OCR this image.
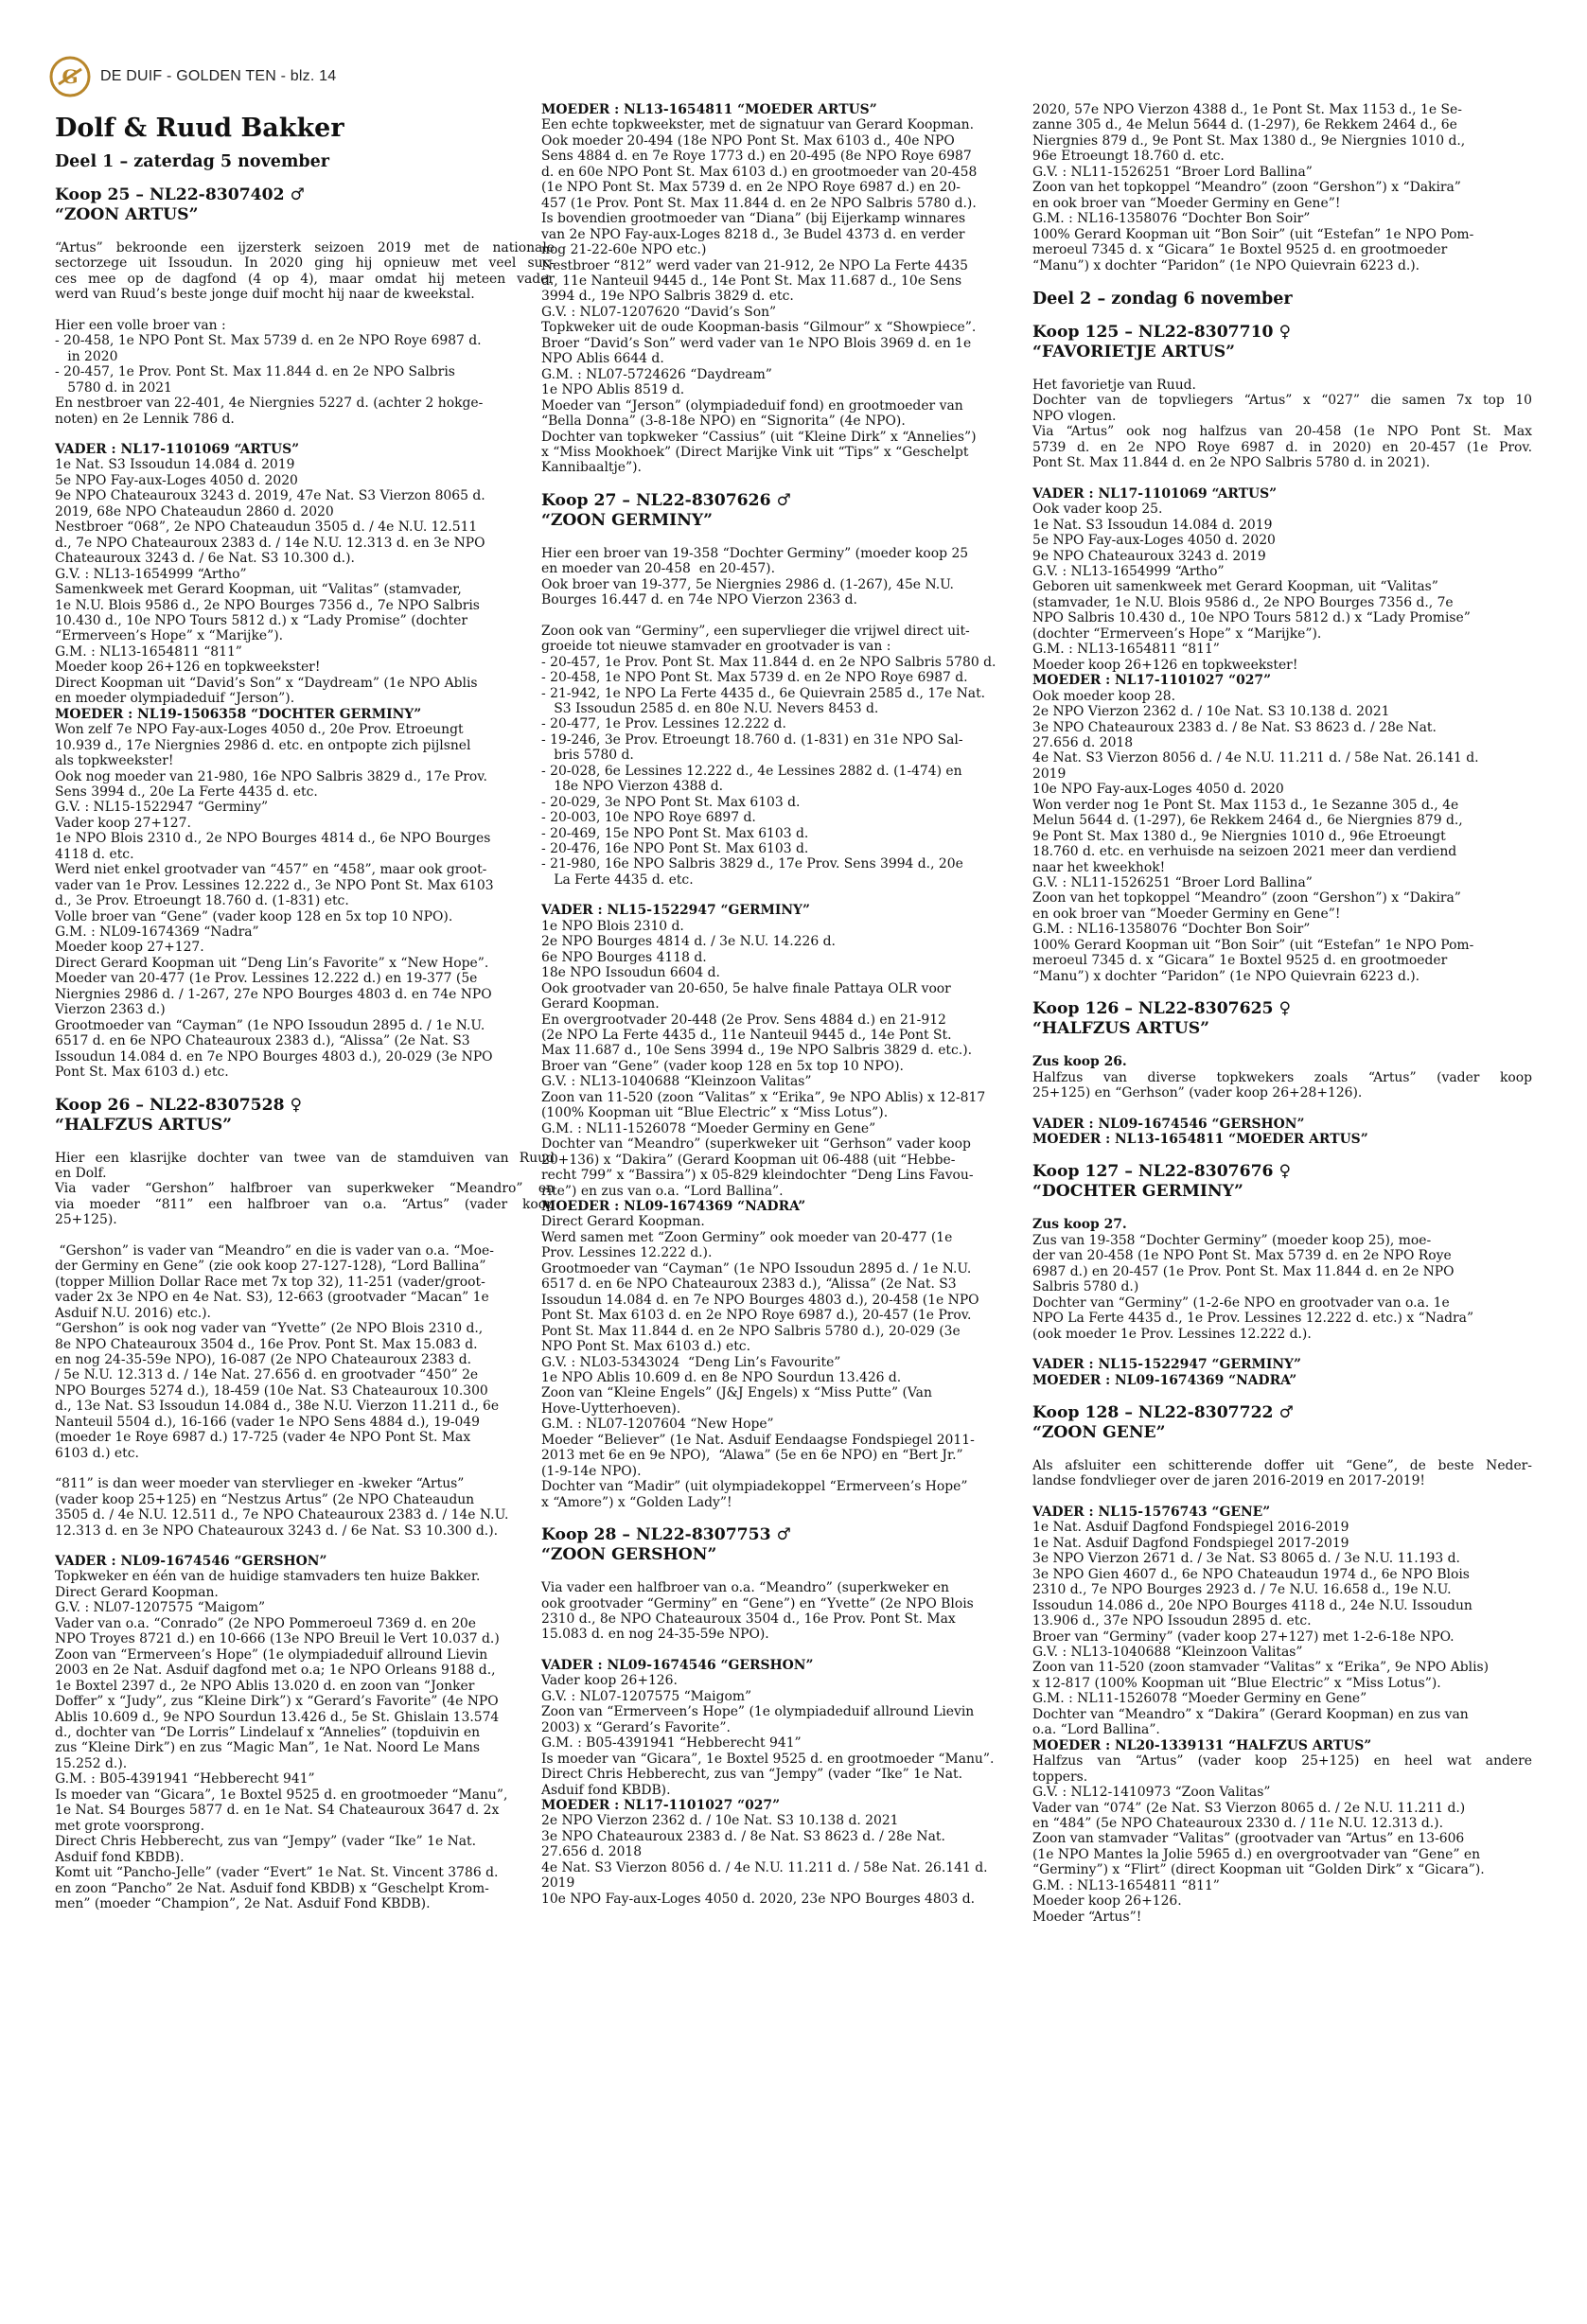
G DE DUIF - GOLDEN TEN - blz. 14
Dolf & Ruud Bakker
Deel 1 – zaterdag 5 november
Koop 25 – NL22-8307402 ♂
“ZOON ARTUS”
“Artus” bekroonde een ijzersterk seizoen 2019 met de nationale
sectorzege uit Issoudun. In 2020 ging hij opnieuw met veel suc-
ces mee op de dagfond (4 op 4), maar omdat hij meteen vader
werd van Ruud’s beste jonge duif mocht hij naar de kweekstal.
Hier een volle broer van :
- 20-458, 1e NPO Pont St. Max 5739 d. en 2e NPO Roye 6987 d.
in 2020
- 20-457, 1e Prov. Pont St. Max 11.844 d. en 2e NPO Salbris
5780 d. in 2021
En nestbroer van 22-401, 4e Niergnies 5227 d. (achter 2 hokge-
noten) en 2e Lennik 786 d.
VADER : NL17-1101069 “ARTUS”
1e Nat. S3 Issoudun 14.084 d. 2019
5e NPO Fay-aux-Loges 4050 d. 2020
9e NPO Chateauroux 3243 d. 2019, 47e Nat. S3 Vierzon 8065 d.
2019, 68e NPO Chateaudun 2860 d. 2020
Nestbroer “068”, 2e NPO Chateaudun 3505 d. / 4e N.U. 12.511
d., 7e NPO Chateauroux 2383 d. / 14e N.U. 12.313 d. en 3e NPO
Chateauroux 3243 d. / 6e Nat. S3 10.300 d.).
G.V. : NL13-1654999 “Artho”
Samenkweek met Gerard Koopman, uit “Valitas” (stamvader,
1e N.U. Blois 9586 d., 2e NPO Bourges 7356 d., 7e NPO Salbris
10.430 d., 10e NPO Tours 5812 d.) x “Lady Promise” (dochter
“Ermerveen’s Hope” x “Marijke”).
G.M. : NL13-1654811 “811”
Moeder koop 26+126 en topkweekster!
Direct Koopman uit “David’s Son” x “Daydream” (1e NPO Ablis
en moeder olympiadeduif “Jerson”).
MOEDER : NL19-1506358 “DOCHTER GERMINY”
Won zelf 7e NPO Fay-aux-Loges 4050 d., 20e Prov. Etroeungt
10.939 d., 17e Niergnies 2986 d. etc. en ontpopte zich pijlsnel
als topkweekster!
Ook nog moeder van 21-980, 16e NPO Salbris 3829 d., 17e Prov.
Sens 3994 d., 20e La Ferte 4435 d. etc.
G.V. : NL15-1522947 “Germiny”
Vader koop 27+127.
1e NPO Blois 2310 d., 2e NPO Bourges 4814 d., 6e NPO Bourges
4118 d. etc.
Werd niet enkel grootvader van “457” en “458”, maar ook groot-
vader van 1e Prov. Lessines 12.222 d., 3e NPO Pont St. Max 6103
d., 3e Prov. Etroeungt 18.760 d. (1-831) etc.
Volle broer van “Gene” (vader koop 128 en 5x top 10 NPO).
G.M. : NL09-1674369 “Nadra”
Moeder koop 27+127.
Direct Gerard Koopman uit “Deng Lin’s Favorite” x “New Hope”.
Moeder van 20-477 (1e Prov. Lessines 12.222 d.) en 19-377 (5e
Niergnies 2986 d. / 1-267, 27e NPO Bourges 4803 d. en 74e NPO
Vierzon 2363 d.)
Grootmoeder van “Cayman” (1e NPO Issoudun 2895 d. / 1e N.U.
6517 d. en 6e NPO Chateauroux 2383 d.), “Alissa” (2e Nat. S3
Issoudun 14.084 d. en 7e NPO Bourges 4803 d.), 20-029 (3e NPO
Pont St. Max 6103 d.) etc.
Koop 26 – NL22-8307528 ♀
“HALFZUS ARTUS”
Hier een klasrijke dochter van twee van de stamduiven van Ruud
en Dolf.
Via vader “Gershon” halfbroer van superkweker “Meandro” en
via moeder “811” een halfbroer van o.a. “Artus” (vader koop
25+125).
“Gershon” is vader van “Meandro” en die is vader van o.a. “Moe-
der Germiny en Gene” (zie ook koop 27-127-128), “Lord Ballina”
(topper Million Dollar Race met 7x top 32), 11-251 (vader/groot-
vader 2x 3e NPO en 4e Nat. S3), 12-663 (grootvader “Macan” 1e
Asduif N.U. 2016) etc.).
“Gershon” is ook nog vader van “Yvette” (2e NPO Blois 2310 d.,
8e NPO Chateauroux 3504 d., 16e Prov. Pont St. Max 15.083 d.
en nog 24-35-59e NPO), 16-087 (2e NPO Chateauroux 2383 d.
/ 5e N.U. 12.313 d. / 14e Nat. 27.656 d. en grootvader “450” 2e
NPO Bourges 5274 d.), 18-459 (10e Nat. S3 Chateauroux 10.300
d., 13e Nat. S3 Issoudun 14.084 d., 38e N.U. Vierzon 11.211 d., 6e
Nanteuil 5504 d.), 16-166 (vader 1e NPO Sens 4884 d.), 19-049
(moeder 1e Roye 6987 d.) 17-725 (vader 4e NPO Pont St. Max
6103 d.) etc.
“811” is dan weer moeder van stervlieger en -kweker “Artus”
(vader koop 25+125) en “Nestzus Artus” (2e NPO Chateaudun
3505 d. / 4e N.U. 12.511 d., 7e NPO Chateauroux 2383 d. / 14e N.U.
12.313 d. en 3e NPO Chateauroux 3243 d. / 6e Nat. S3 10.300 d.).
VADER : NL09-1674546 “GERSHON”
Topkweker en één van de huidige stamvaders ten huize Bakker.
Direct Gerard Koopman.
G.V. : NL07-1207575 “Maigom”
Vader van o.a. “Conrado” (2e NPO Pommeroeul 7369 d. en 20e
NPO Troyes 8721 d.) en 10-666 (13e NPO Breuil le Vert 10.037 d.)
Zoon van “Ermerveen’s Hope” (1e olympiadeduif allround Lievin
2003 en 2e Nat. Asduif dagfond met o.a; 1e NPO Orleans 9188 d.,
1e Boxtel 2397 d., 2e NPO Ablis 13.020 d. en zoon van “Jonker
Doffer” x “Judy”, zus “Kleine Dirk”) x “Gerard’s Favorite” (4e NPO
Ablis 10.609 d., 9e NPO Sourdun 13.426 d., 5e St. Ghislain 13.574
d., dochter van “De Lorris” Lindelauf x “Annelies” (topduivin en
zus “Kleine Dirk”) en zus “Magic Man”, 1e Nat. Noord Le Mans
15.252 d.).
G.M. : B05-4391941 “Hebberecht 941”
Is moeder van “Gicara”, 1e Boxtel 9525 d. en grootmoeder “Manu”,
1e Nat. S4 Bourges 5877 d. en 1e Nat. S4 Chateauroux 3647 d. 2x
met grote voorsprong.
Direct Chris Hebberecht, zus van “Jempy” (vader “Ike” 1e Nat.
Asduif fond KBDB).
Komt uit “Pancho-Jelle” (vader “Evert” 1e Nat. St. Vincent 3786 d.
en zoon “Pancho” 2e Nat. Asduif fond KBDB) x “Geschelpt Krom-
men” (moeder “Champion”, 2e Nat. Asduif Fond KBDB).
MOEDER : NL13-1654811 “MOEDER ARTUS”
Een echte topkweekster, met de signatuur van Gerard Koopman.
Ook moeder 20-494 (18e NPO Pont St. Max 6103 d., 40e NPO
Sens 4884 d. en 7e Roye 1773 d.) en 20-495 (8e NPO Roye 6987
d. en 60e NPO Pont St. Max 6103 d.) en grootmoeder van 20-458
(1e NPO Pont St. Max 5739 d. en 2e NPO Roye 6987 d.) en 20-
457 (1e Prov. Pont St. Max 11.844 d. en 2e NPO Salbris 5780 d.).
Is bovendien grootmoeder van “Diana” (bij Eijerkamp winnares
van 2e NPO Fay-aux-Loges 8218 d., 3e Budel 4373 d. en verder
nog 21-22-60e NPO etc.)
Nestbroer “812” werd vader van 21-912, 2e NPO La Ferte 4435
d., 11e Nanteuil 9445 d., 14e Pont St. Max 11.687 d., 10e Sens
3994 d., 19e NPO Salbris 3829 d. etc.
G.V. : NL07-1207620 “David’s Son”
Topkweker uit de oude Koopman-basis “Gilmour” x “Showpiece”.
Broer “David’s Son” werd vader van 1e NPO Blois 3969 d. en 1e
NPO Ablis 6644 d.
G.M. : NL07-5724626 “Daydream”
1e NPO Ablis 8519 d.
Moeder van “Jerson” (olympiadeduif fond) en grootmoeder van
“Bella Donna” (3-8-18e NPO) en “Signorita” (4e NPO).
Dochter van topkweker “Cassius” (uit “Kleine Dirk” x “Annelies”)
x “Miss Mookhoek” (Direct Marijke Vink uit “Tips” x “Geschelpt
Kannibaaltje”).
Koop 27 – NL22-8307626 ♂
“ZOON GERMINY”
Hier een broer van 19-358 “Dochter Germiny” (moeder koop 25
en moeder van 20-458  en 20-457).
Ook broer van 19-377, 5e Niergnies 2986 d. (1-267), 45e N.U.
Bourges 16.447 d. en 74e NPO Vierzon 2363 d.
Zoon ook van “Germiny”, een supervlieger die vrijwel direct uit-
groeide tot nieuwe stamvader en grootvader is van :
- 20-457, 1e Prov. Pont St. Max 11.844 d. en 2e NPO Salbris 5780 d.
- 20-458, 1e NPO Pont St. Max 5739 d. en 2e NPO Roye 6987 d.
- 21-942, 1e NPO La Ferte 4435 d., 6e Quievrain 2585 d., 17e Nat.
S3 Issoudun 2585 d. en 80e N.U. Nevers 8453 d.
- 20-477, 1e Prov. Lessines 12.222 d.
- 19-246, 3e Prov. Etroeungt 18.760 d. (1-831) en 31e NPO Sal-
bris 5780 d.
- 20-028, 6e Lessines 12.222 d., 4e Lessines 2882 d. (1-474) en
18e NPO Vierzon 4388 d.
- 20-029, 3e NPO Pont St. Max 6103 d.
- 20-003, 10e NPO Roye 6897 d.
- 20-469, 15e NPO Pont St. Max 6103 d.
- 20-476, 16e NPO Pont St. Max 6103 d.
- 21-980, 16e NPO Salbris 3829 d., 17e Prov. Sens 3994 d., 20e
La Ferte 4435 d. etc.
VADER : NL15-1522947 “GERMINY”
1e NPO Blois 2310 d.
2e NPO Bourges 4814 d. / 3e N.U. 14.226 d.
6e NPO Bourges 4118 d.
18e NPO Issoudun 6604 d.
Ook grootvader van 20-650, 5e halve finale Pattaya OLR voor
Gerard Koopman.
En overgrootvader 20-448 (2e Prov. Sens 4884 d.) en 21-912
(2e NPO La Ferte 4435 d., 11e Nanteuil 9445 d., 14e Pont St.
Max 11.687 d., 10e Sens 3994 d., 19e NPO Salbris 3829 d. etc.).
Broer van “Gene” (vader koop 128 en 5x top 10 NPO).
G.V. : NL13-1040688 “Kleinzoon Valitas”
Zoon van 11-520 (zoon “Valitas” x “Erika”, 9e NPO Ablis) x 12-817
(100% Koopman uit “Blue Electric” x “Miss Lotus”).
G.M. : NL11-1526078 “Moeder Germiny en Gene”
Dochter van “Meandro” (superkweker uit “Gerhson” vader koop
20+136) x “Dakira” (Gerard Koopman uit 06-488 (uit “Hebbe-
recht 799” x “Bassira”) x 05-829 kleindochter “Deng Lins Favou-
rite”) en zus van o.a. “Lord Ballina”.
MOEDER : NL09-1674369 “NADRA”
Direct Gerard Koopman.
Werd samen met “Zoon Germiny” ook moeder van 20-477 (1e
Prov. Lessines 12.222 d.).
Grootmoeder van “Cayman” (1e NPO Issoudun 2895 d. / 1e N.U.
6517 d. en 6e NPO Chateauroux 2383 d.), “Alissa” (2e Nat. S3
Issoudun 14.084 d. en 7e NPO Bourges 4803 d.), 20-458 (1e NPO
Pont St. Max 6103 d. en 2e NPO Roye 6987 d.), 20-457 (1e Prov.
Pont St. Max 11.844 d. en 2e NPO Salbris 5780 d.), 20-029 (3e
NPO Pont St. Max 6103 d.) etc.
G.V. : NL03-5343024  “Deng Lin’s Favourite”
1e NPO Ablis 10.609 d. en 8e NPO Sourdun 13.426 d.
Zoon van “Kleine Engels” (J&J Engels) x “Miss Putte” (Van
Hove-Uytterhoeven).
G.M. : NL07-1207604 “New Hope”
Moeder “Believer” (1e Nat. Asduif Eendaagse Fondspiegel 2011-
2013 met 6e en 9e NPO),  “Alawa” (5e en 6e NPO) en “Bert Jr.”
(1-9-14e NPO).
Dochter van “Madir” (uit olympiadekoppel “Ermerveen’s Hope”
x “Amore”) x “Golden Lady”!
Koop 28 – NL22-8307753 ♂
“ZOON GERSHON”
Via vader een halfbroer van o.a. “Meandro” (superkweker en
ook grootvader “Germiny” en “Gene”) en “Yvette” (2e NPO Blois
2310 d., 8e NPO Chateauroux 3504 d., 16e Prov. Pont St. Max
15.083 d. en nog 24-35-59e NPO).
VADER : NL09-1674546 “GERSHON”
Vader koop 26+126.
G.V. : NL07-1207575 “Maigom”
Zoon van “Ermerveen’s Hope” (1e olympiadeduif allround Lievin
2003) x “Gerard’s Favorite”.
G.M. : B05-4391941 “Hebberecht 941”
Is moeder van “Gicara”, 1e Boxtel 9525 d. en grootmoeder “Manu”.
Direct Chris Hebberecht, zus van “Jempy” (vader “Ike” 1e Nat.
Asduif fond KBDB).
MOEDER : NL17-1101027 “027”
2e NPO Vierzon 2362 d. / 10e Nat. S3 10.138 d. 2021
3e NPO Chateauroux 2383 d. / 8e Nat. S3 8623 d. / 28e Nat.
27.656 d. 2018
4e Nat. S3 Vierzon 8056 d. / 4e N.U. 11.211 d. / 58e Nat. 26.141 d.
2019
10e NPO Fay-aux-Loges 4050 d. 2020, 23e NPO Bourges 4803 d.
2020, 57e NPO Vierzon 4388 d., 1e Pont St. Max 1153 d., 1e Se-
zanne 305 d., 4e Melun 5644 d. (1-297), 6e Rekkem 2464 d., 6e
Niergnies 879 d., 9e Pont St. Max 1380 d., 9e Niergnies 1010 d.,
96e Etroeungt 18.760 d. etc.
G.V. : NL11-1526251 “Broer Lord Ballina”
Zoon van het topkoppel “Meandro” (zoon “Gershon”) x “Dakira”
en ook broer van “Moeder Germiny en Gene”!
G.M. : NL16-1358076 “Dochter Bon Soir”
100% Gerard Koopman uit “Bon Soir” (uit “Estefan” 1e NPO Pom-
meroeul 7345 d. x “Gicara” 1e Boxtel 9525 d. en grootmoeder
“Manu”) x dochter “Paridon” (1e NPO Quievrain 6223 d.).
Deel 2 – zondag 6 november
Koop 125 – NL22-8307710 ♀
“FAVORIETJE ARTUS”
Het favorietje van Ruud.
Dochter van de topvliegers “Artus” x “027” die samen 7x top 10
NPO vlogen.
Via “Artus” ook nog halfzus van 20-458 (1e NPO Pont St. Max
5739 d. en 2e NPO Roye 6987 d. in 2020) en 20-457 (1e Prov.
Pont St. Max 11.844 d. en 2e NPO Salbris 5780 d. in 2021).
VADER : NL17-1101069 “ARTUS”
Ook vader koop 25.
1e Nat. S3 Issoudun 14.084 d. 2019
5e NPO Fay-aux-Loges 4050 d. 2020
9e NPO Chateauroux 3243 d. 2019
G.V. : NL13-1654999 “Artho”
Geboren uit samenkweek met Gerard Koopman, uit “Valitas”
(stamvader, 1e N.U. Blois 9586 d., 2e NPO Bourges 7356 d., 7e
NPO Salbris 10.430 d., 10e NPO Tours 5812 d.) x “Lady Promise”
(dochter “Ermerveen’s Hope” x “Marijke”).
G.M. : NL13-1654811 “811”
Moeder koop 26+126 en topkweekster!
MOEDER : NL17-1101027 “027”
Ook moeder koop 28.
2e NPO Vierzon 2362 d. / 10e Nat. S3 10.138 d. 2021
3e NPO Chateauroux 2383 d. / 8e Nat. S3 8623 d. / 28e Nat.
27.656 d. 2018
4e Nat. S3 Vierzon 8056 d. / 4e N.U. 11.211 d. / 58e Nat. 26.141 d.
2019
10e NPO Fay-aux-Loges 4050 d. 2020
Won verder nog 1e Pont St. Max 1153 d., 1e Sezanne 305 d., 4e
Melun 5644 d. (1-297), 6e Rekkem 2464 d., 6e Niergnies 879 d.,
9e Pont St. Max 1380 d., 9e Niergnies 1010 d., 96e Etroeungt
18.760 d. etc. en verhuisde na seizoen 2021 meer dan verdiend
naar het kweekhok!
G.V. : NL11-1526251 “Broer Lord Ballina”
Zoon van het topkoppel “Meandro” (zoon “Gershon”) x “Dakira”
en ook broer van “Moeder Germiny en Gene”!
G.M. : NL16-1358076 “Dochter Bon Soir”
100% Gerard Koopman uit “Bon Soir” (uit “Estefan” 1e NPO Pom-
meroeul 7345 d. x “Gicara” 1e Boxtel 9525 d. en grootmoeder
“Manu”) x dochter “Paridon” (1e NPO Quievrain 6223 d.).
Koop 126 – NL22-8307625 ♀
“HALFZUS ARTUS”
Zus koop 26.
Halfzus van diverse topkwekers zoals “Artus” (vader koop
25+125) en “Gerhson” (vader koop 26+28+126).
VADER : NL09-1674546 “GERSHON”
MOEDER : NL13-1654811 “MOEDER ARTUS”
Koop 127 – NL22-8307676 ♀
“DOCHTER GERMINY”
Zus koop 27.
Zus van 19-358 “Dochter Germiny” (moeder koop 25), moe-
der van 20-458 (1e NPO Pont St. Max 5739 d. en 2e NPO Roye
6987 d.) en 20-457 (1e Prov. Pont St. Max 11.844 d. en 2e NPO
Salbris 5780 d.)
Dochter van “Germiny” (1-2-6e NPO en grootvader van o.a. 1e
NPO La Ferte 4435 d., 1e Prov. Lessines 12.222 d. etc.) x “Nadra”
(ook moeder 1e Prov. Lessines 12.222 d.).
VADER : NL15-1522947 “GERMINY”
MOEDER : NL09-1674369 “NADRA”
Koop 128 – NL22-8307722 ♂
“ZOON GENE”
Als afsluiter een schitterende doffer uit “Gene”, de beste Neder-
landse fondvlieger over de jaren 2016-2019 en 2017-2019!
VADER : NL15-1576743 “GENE”
1e Nat. Asduif Dagfond Fondspiegel 2016-2019
1e Nat. Asduif Dagfond Fondspiegel 2017-2019
3e NPO Vierzon 2671 d. / 3e Nat. S3 8065 d. / 3e N.U. 11.193 d.
3e NPO Gien 4607 d., 6e NPO Chateaudun 1974 d., 6e NPO Blois
2310 d., 7e NPO Bourges 2923 d. / 7e N.U. 16.658 d., 19e N.U.
Issoudun 14.086 d., 20e NPO Bourges 4118 d., 24e N.U. Issoudun
13.906 d., 37e NPO Issoudun 2895 d. etc.
Broer van “Germiny” (vader koop 27+127) met 1-2-6-18e NPO.
G.V. : NL13-1040688 “Kleinzoon Valitas”
Zoon van 11-520 (zoon stamvader “Valitas” x “Erika”, 9e NPO Ablis)
x 12-817 (100% Koopman uit “Blue Electric” x “Miss Lotus”).
G.M. : NL11-1526078 “Moeder Germiny en Gene”
Dochter van “Meandro” x “Dakira” (Gerard Koopman) en zus van
o.a. “Lord Ballina”.
MOEDER : NL20-1339131 “HALFZUS ARTUS”
Halfzus van “Artus” (vader koop 25+125) en heel wat andere
toppers.
G.V. : NL12-1410973 “Zoon Valitas”
Vader van “074” (2e Nat. S3 Vierzon 8065 d. / 2e N.U. 11.211 d.)
en “484” (5e NPO Chateauroux 2330 d. / 11e N.U. 12.313 d.).
Zoon van stamvader “Valitas” (grootvader van “Artus” en 13-606
(1e NPO Mantes la Jolie 5965 d.) en overgrootvader van “Gene” en
“Germiny”) x “Flirt” (direct Koopman uit “Golden Dirk” x “Gicara”).
G.M. : NL13-1654811 “811”
Moeder koop 26+126.
Moeder “Artus”!
